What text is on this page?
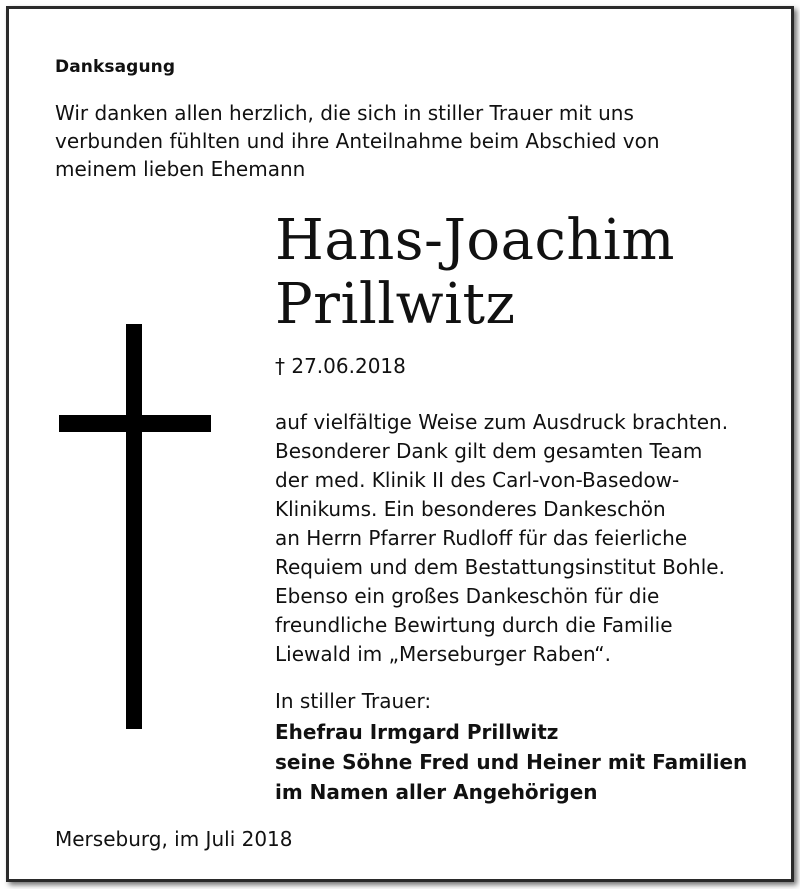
Danksagung
Wir danken allen herzlich, die sich in stiller Trauer mit uns
verbunden fühlten und ihre Anteilnahme beim Abschied von
meinem lieben Ehemann
Hans-Joachim
Prillwitz
† 27.06.2018
auf vielfältige Weise zum Ausdruck brachten.
Besonderer Dank gilt dem gesamten Team
der med. Klinik II des Carl-von-Basedow-
Klinikums. Ein besonderes Dankeschön
an Herrn Pfarrer Rudloff für das feierliche
Requiem und dem Bestattungsinstitut Bohle.
Ebenso ein großes Dankeschön für die
freundliche Bewirtung durch die Familie
Liewald im „Merseburger Raben“.
In stiller Trauer:
Ehefrau Irmgard Prillwitz
seine Söhne Fred und Heiner mit Familien
im Namen aller Angehörigen
Merseburg, im Juli 2018
